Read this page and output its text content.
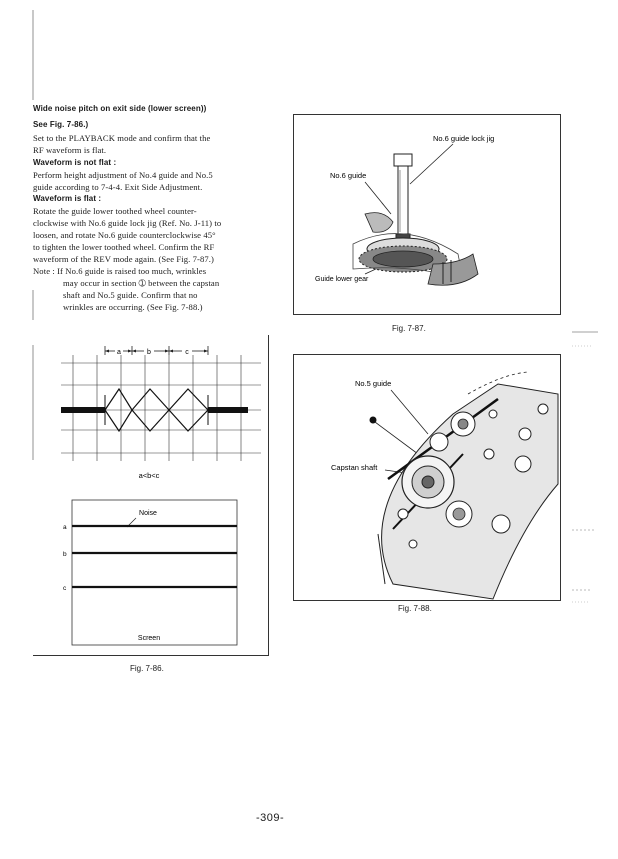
Wide noise pitch on exit side (lower screen))
See Fig. 7-86.)
Set to the PLAYBACK mode and confirm that the
RF waveform is flat.
Waveform is not flat :
Perform height adjustment of No.4 guide and No.5
guide according to 7-4-4. Exit Side Adjustment.
Waveform is flat :
Rotate the guide lower toothed wheel counter-
clockwise with No.6 guide lock jig (Ref. No. J-11) to
loosen, and rotate No.6 guide counterclockwise 45°
to tighten the lower toothed wheel. Confirm the RF
waveform of the REV mode again. (See Fig. 7-87.)
Note : If No.6 guide is raised too much, wrinkles
may occur in section ➀ between the capstan
shaft and No.5 guide. Confirm that no
wrinkles are occurring. (See Fig. 7-88.)
a	b	c
a<b<c
Noise
a
b
c
Screen
Fig. 7-86.
No.6 guide lock jig
No.6 guide
Guide lower gear
Fig. 7-87.
No.5 guide
Capstan shaft
Fig. 7-88.
-309-
